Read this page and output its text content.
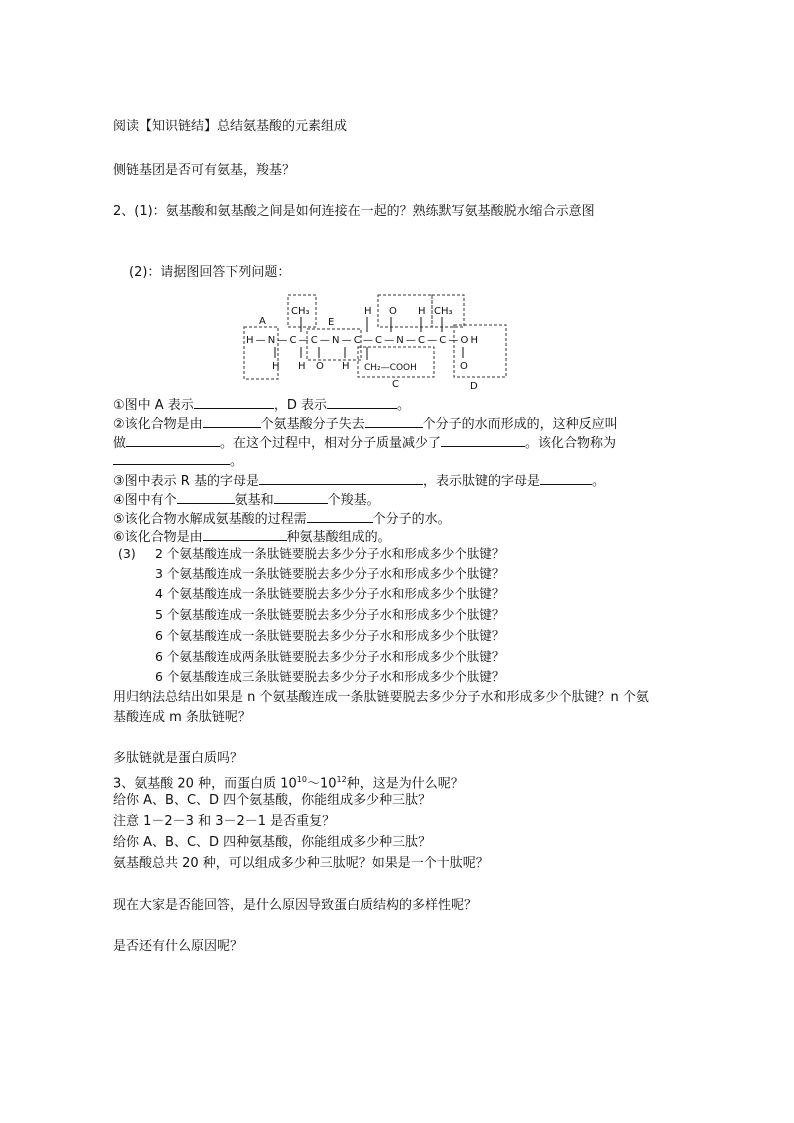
阅读【知识链结】总结氨基酸的元素组成
侧链基团是否可有氨基，羧基？
2、(1)：氨基酸和氨基酸之间是如何连接在一起的？熟练默写氨基酸脱水缩合示意图
(2)：请据图回答下列问题：
A	E
C	D
CH₃	CH₃
H—N—C—C—N—C—C—N—C—C—OH
CH₂—COOH
H O H
H H O H	O
①图中 A 表示	，D 表示	。
②该化合物是由	个氨基酸分子失去	个分子的水而形成的，这种反应叫
做	。在这个过程中，相对分子质量减少了	。该化合物称为
。
③图中表示 R 基的字母是	，表示肽键的字母是	。
④图中有个	氨基和	个羧基。
⑤该化合物水解成氨基酸的过程需	个分子的水。
⑥该化合物是由	种氨基酸组成的。
(3) 2 个氨基酸连成一条肽链要脱去多少分子水和形成多少个肽键？
3 个氨基酸连成一条肽链要脱去多少分子水和形成多少个肽键？
4 个氨基酸连成一条肽链要脱去多少分子水和形成多少个肽键？
5 个氨基酸连成一条肽链要脱去多少分子水和形成多少个肽键？
6 个氨基酸连成一条肽链要脱去多少分子水和形成多少个肽键？
6 个氨基酸连成两条肽链要脱去多少分子水和形成多少个肽键？
6 个氨基酸连成三条肽链要脱去多少分子水和形成多少个肽键？
用归纳法总结出如果是 n 个氨基酸连成一条肽链要脱去多少分子水和形成多少个肽键？n 个氨
基酸连成 m 条肽链呢？
多肽链就是蛋白质吗？
3、氨基酸 20 种，而蛋白质 $10^{10}\sim 10^{12}$种，这是为什么呢？
给你 A、B、C、D 四个氨基酸，你能组成多少种三肽？
注意 1－2－3 和 3－2－1 是否重复？
给你 A、B、C、D 四种氨基酸，你能组成多少种三肽？
氨基酸总共 20 种，可以组成多少种三肽呢？如果是一个十肽呢？
现在大家是否能回答，是什么原因导致蛋白质结构的多样性呢？
是否还有什么原因呢？
